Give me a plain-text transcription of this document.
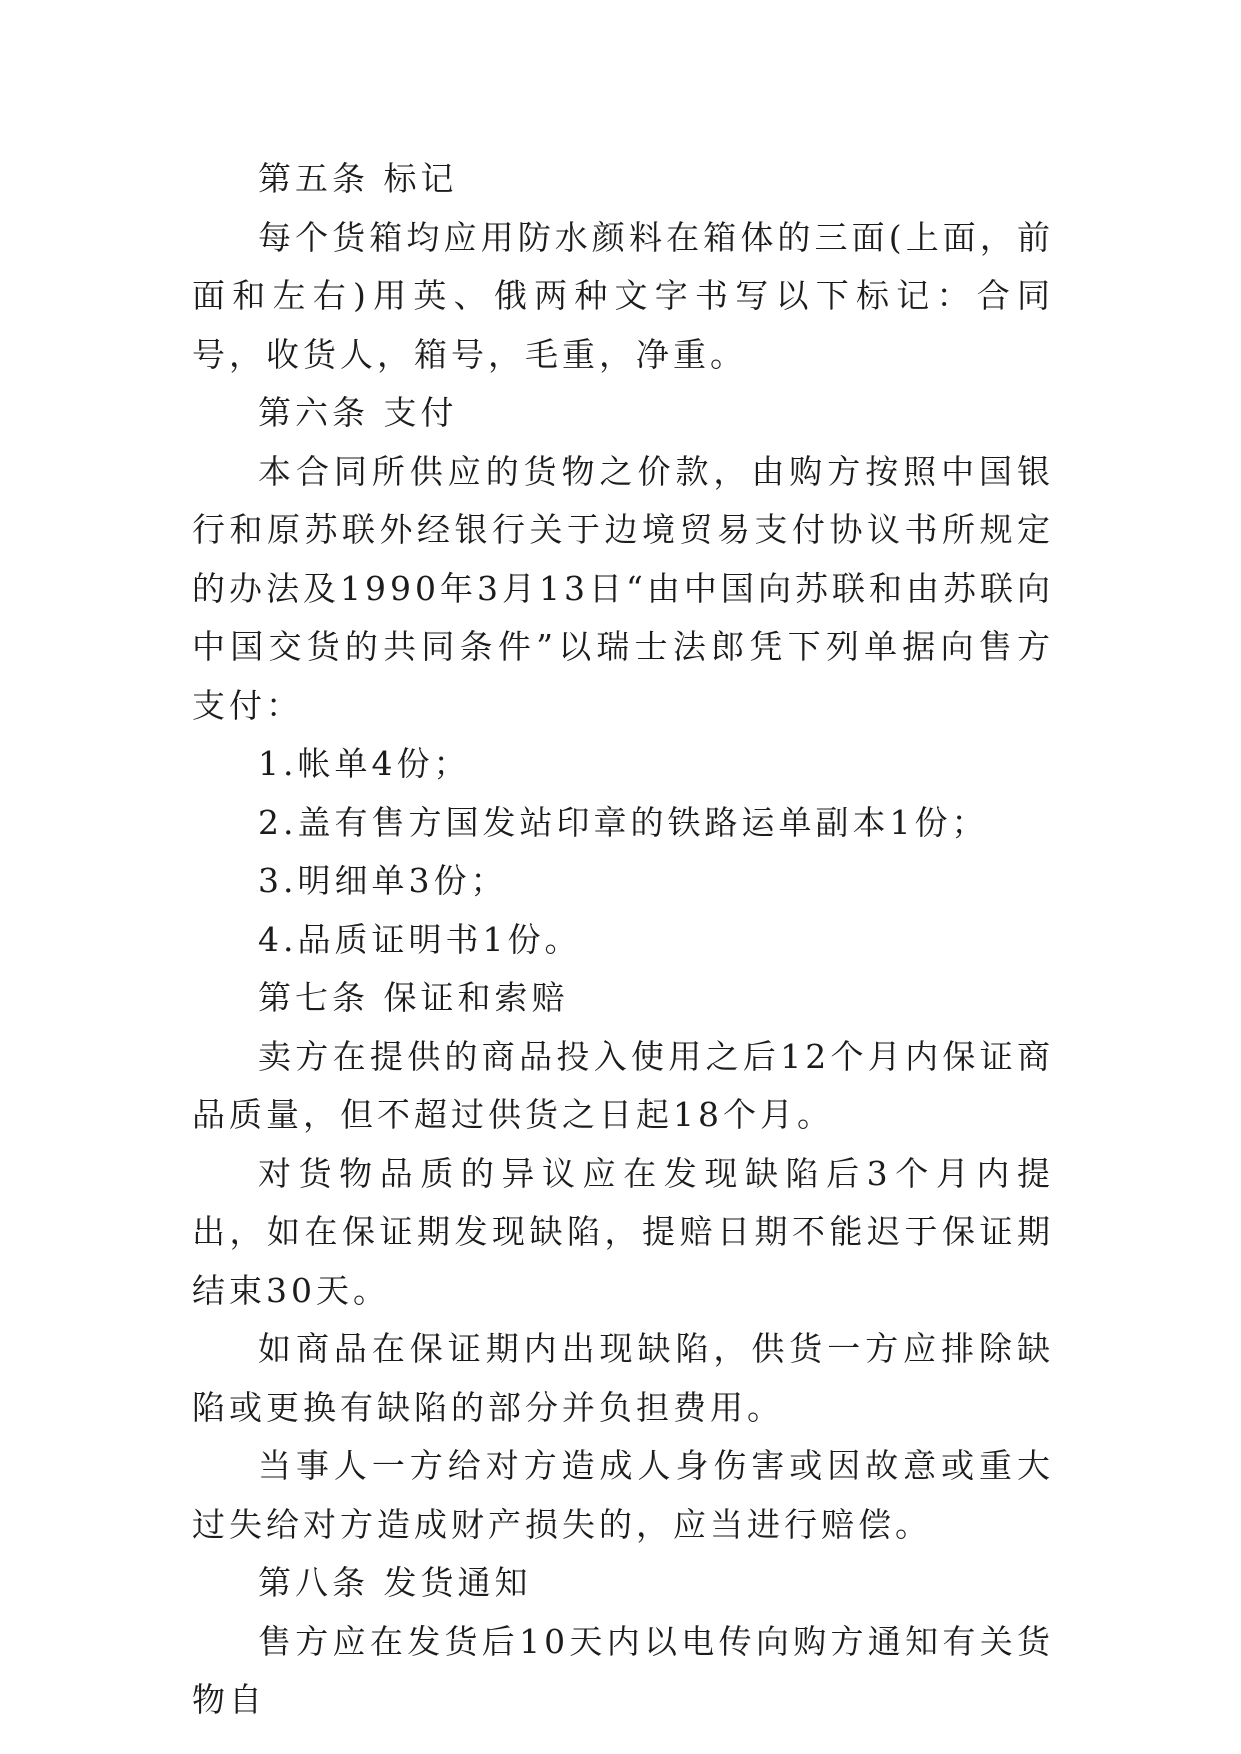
第五条 标记

每个货箱均应用防水颜料在箱体的三面(上面，前面和左右)用英、俄两种文字书写以下标记：合同号，收货人，箱号，毛重，净重。

第六条 支付

本合同所供应的货物之价款，由购方按照中国银行和原苏联外经银行关于边境贸易支付协议书所规定的办法及1990年3月13日“由中国向苏联和由苏联向中国交货的共同条件”以瑞士法郎凭下列单据向售方支付：

1.帐单4份；

2.盖有售方国发站印章的铁路运单副本1份；

3.明细单3份；

4.品质证明书1份。

第七条 保证和索赔

卖方在提供的商品投入使用之后12个月内保证商品质量，但不超过供货之日起18个月。

对货物品质的异议应在发现缺陷后3个月内提出，如在保证期发现缺陷，提赔日期不能迟于保证期结束30天。

如商品在保证期内出现缺陷，供货一方应排除缺陷或更换有缺陷的部分并负担费用。

当事人一方给对方造成人身伤害或因故意或重大过失给对方造成财产损失的，应当进行赔偿。

第八条 发货通知

售方应在发货后10天内以电传向购方通知有关货物自
